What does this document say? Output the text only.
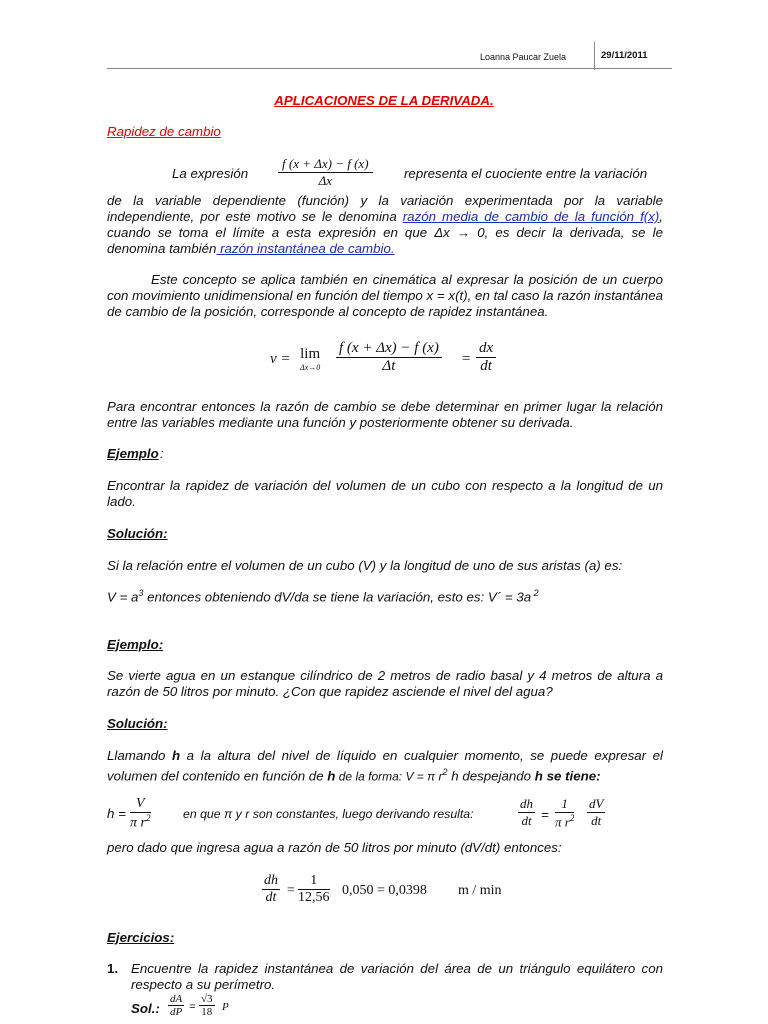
Loanna Paucar Zuela	29/11/2011
APLICACIONES DE LA DERIVADA.
Rapidez de cambio
La expresión $\frac{f (x + \Delta x) - f (x)}{\Delta x}$ representa el cuociente entre la variación
de la variable dependiente (función) y la variación experimentada por la variable independiente, por este motivo se le denomina razón media de cambio de la función f(x), cuando se toma el límite a esta expresión en que Δx → 0, es decir la derivada, se le denomina también razón instantánea de cambio.
Este concepto se aplica también en cinemática al expresar la posición de un cuerpo con movimiento unidimensional en función del tiempo x = x(t), en tal caso la razón instantánea de cambio de la posición, corresponde al concepto de rapidez instantánea.
v = lim
$\Delta x\to 0 \frac{f (x + \Delta x) - f (x)}{\Delta t}$ =
dx
dt
Para encontrar entonces la razón de cambio se debe determinar en primer lugar la relación entre las variables mediante una función y posteriormente obtener su derivada.
Ejemplo :
Encontrar la rapidez de variación del volumen de un cubo con respecto a la longitud de un lado.
Solución:
Si la relación entre el volumen de un cubo (V) y la longitud de uno de sus aristas (a) es:
$V = a^3$ entonces obteniendo dV/da se tiene la variación, esto es: V´ = 3a $^2$
Ejemplo:
Se vierte agua en un estanque cilíndrico de 2 metros de radio basal y 4 metros de altura a razón de 50 litros por minuto. ¿Con que rapidez asciende el nivel del agua?
Solución:
Llamando h a la altura del nivel de líquido en cualquier momento, se puede expresar el volumen del contenido en función de h de la forma: V = π $r^2$ h despejando h se tiene:
$h = \frac{V}{\pi r^2}$	en que π y r son constantes, luego derivando resulta:
dh
dt =
1
π $r^2$
dV
dt
pero dado que ingresa agua a razón de 50 litros por minuto (dV/dt) entonces:
dh
dt =
1
12,56 0,050 = 0,0398 m / min
Ejercicios:
1. Encuentre la rapidez instantánea de variación del área de un triángulo equilátero con respecto a su perímetro.
Sol.:
dA
dP =
√3
18 P
